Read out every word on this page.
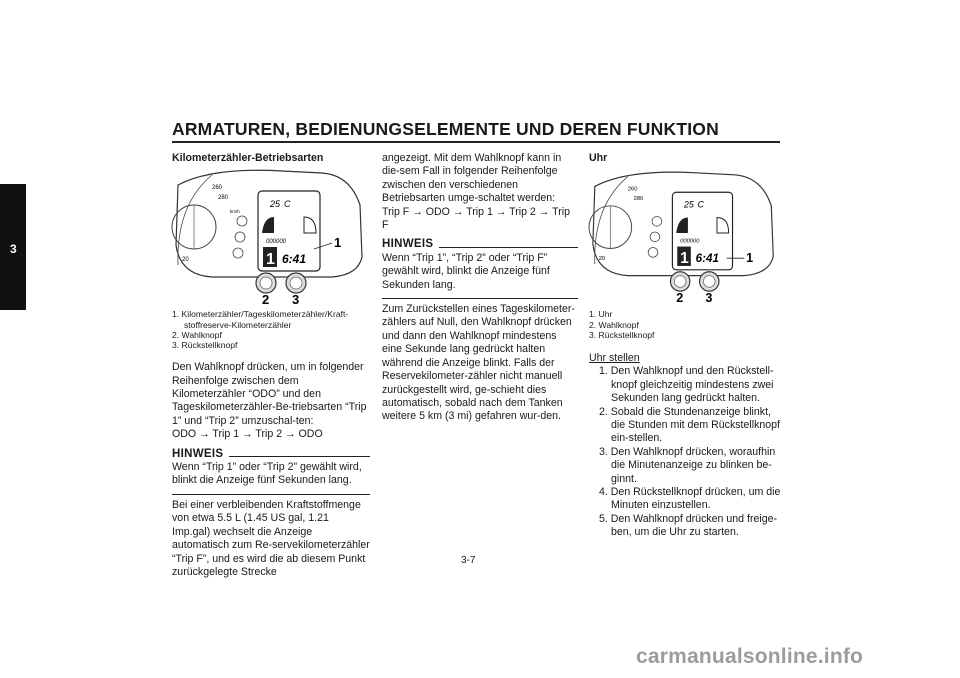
ARMATUREN, BEDIENUNGSELEMENTE UND DEREN FUNKTION
3

Kilometerzähler-Betriebsarten

260
280
20
km/h
25 C
000000
1 6:41
1
2 3
1. Kilometerzähler/Tageskilometerzähler/Kraft-stoffreserve-Kilometerzähler
2. Wahlknopf
3. Rückstellknopf

Den Wahlknopf drücken, um in folgender Reihenfolge zwischen dem Kilometerzähler “ODO” und den Tageskilometerzähler-Be-triebsarten “Trip 1” und “Trip 2” umzuschal-ten:

ODO → Trip 1 → Trip 2 → ODO

HINWEIS

Wenn “Trip 1” oder “Trip 2” gewählt wird, blinkt die Anzeige fünf Sekunden lang.

Bei einer verbleibenden Kraftstoffmenge von etwa 5.5 L (1.45 US gal, 1.21 Imp.gal) wechselt die Anzeige automatisch zum Re-servekilometerzähler “Trip F”, und es wird die ab diesem Punkt zurückgelegte Strecke

angezeigt. Mit dem Wahlknopf kann in die-sem Fall in folgender Reihenfolge zwischen den verschiedenen Betriebsarten umge-schaltet werden:

Trip F → ODO → Trip 1 → Trip 2 → Trip F

HINWEIS

Wenn “Trip 1”, “Trip 2” oder “Trip F” gewählt wird, blinkt die Anzeige fünf Sekunden lang.

Zum Zurückstellen eines Tageskilometer-zählers auf Null, den Wahlknopf drücken und dann den Wahlknopf mindestens eine Sekunde lang gedrückt halten während die Anzeige blinkt. Falls der Reservekilometer-zähler nicht manuell zurückgestellt wird, ge-schieht dies automatisch, sobald nach dem Tanken weitere 5 km (3 mi) gefahren wur-den.

Uhr

260
280
20
25 C
000000
1 6:41 1
2 3
1. Uhr
2. Wahlknopf
3. Rückstellknopf

Uhr stellen

1. Den Wahlknopf und den Rückstell-knopf gleichzeitig mindestens zwei Sekunden lang gedrückt halten.
2. Sobald die Stundenanzeige blinkt, die Stunden mit dem Rückstellknopf ein-stellen.
3. Den Wahlknopf drücken, woraufhin die Minutenanzeige zu blinken be-ginnt.
4. Den Rückstellknopf drücken, um die Minuten einzustellen.
5. Den Wahlknopf drücken und freige-ben, um die Uhr zu starten.
3-7
carmanualsonline.info
